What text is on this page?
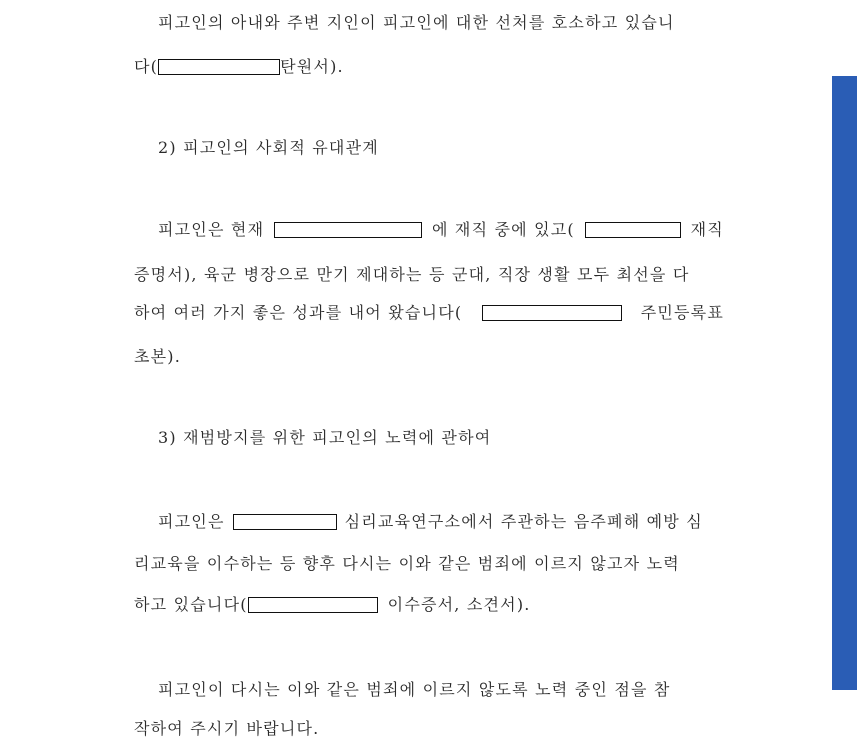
피고인의 아내와 주변 지인이 피고인에 대한 선처를 호소하고 있습니
다(	탄원서).
2) 피고인의 사회적 유대관계
피고인은 현재	에 재직 중에 있고(	재직
증명서), 육군 병장으로 만기 제대하는 등 군대, 직장 생활 모두 최선을 다
하여 여러 가지 좋은 성과를 내어 왔습니다(	주민등록표
초본).
3) 재범방지를 위한 피고인의 노력에 관하여
피고인은	심리교육연구소에서 주관하는 음주폐해 예방 심
리교육을 이수하는 등 향후 다시는 이와 같은 범죄에 이르지 않고자 노력
하고 있습니다(	이수증서, 소견서).
피고인이 다시는 이와 같은 범죄에 이르지 않도록 노력 중인 점을 참
작하여 주시기 바랍니다.
